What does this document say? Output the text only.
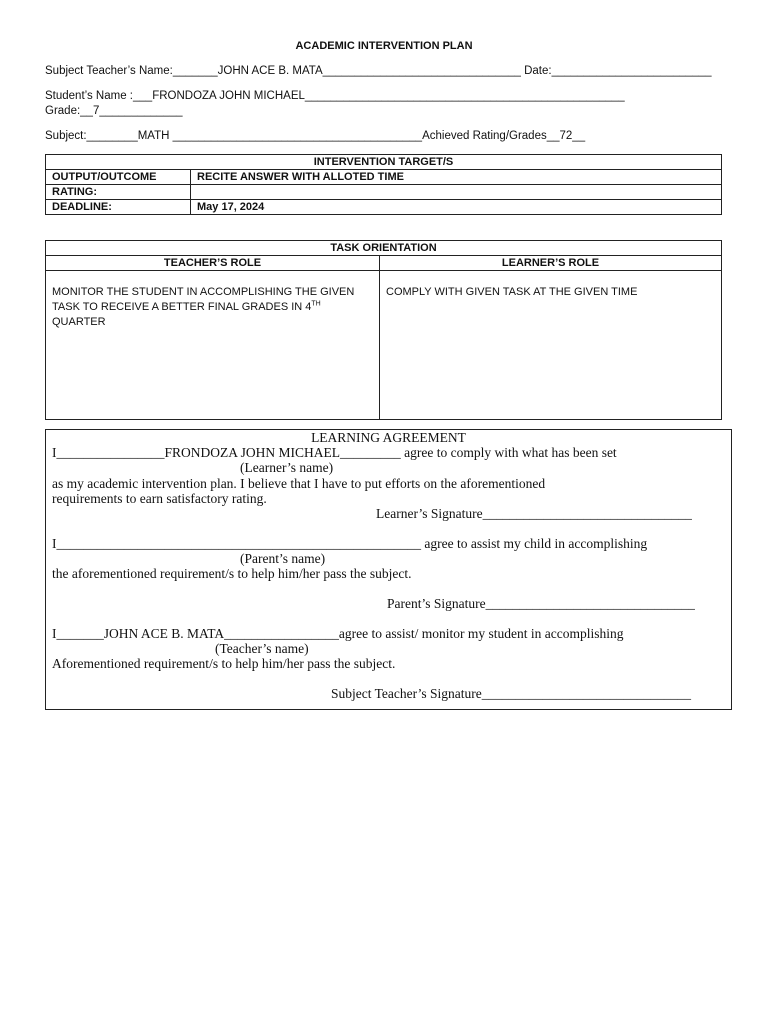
ACADEMIC INTERVENTION PLAN
Subject Teacher’s Name:_______JOHN ACE B. MATA_______________________________ Date:_________________________
Student’s Name :___FRONDOZA JOHN MICHAEL__________________________________________________
Grade:__7_____________
Subject:________MATH _______________________________________Achieved Rating/Grades__72__
INTERVENTION TARGET/S	
OUTPUT/OUTCOME	RECITE ANSWER WITH ALLOTED TIME
RATING:	
DEADLINE:	May 17, 2024
TASK ORIENTATION	
TEACHER’S ROLE	LEARNER’S ROLE
MONITOR THE STUDENT IN ACCOMPLISHING THE GIVEN TASK TO RECEIVE A BETTER FINAL GRADES IN 4TH
QUARTER	COMPLY WITH GIVEN TASK AT THE GIVEN TIME
LEARNING AGREEMENT
I________________FRONDOZA JOHN MICHAEL_________ agree to comply with what has been set
(Learner’s name)
as my academic intervention plan. I believe that I have to put efforts on the aforementioned
requirements to earn satisfactory rating.
Learner’s Signature_______________________________
I______________________________________________________ agree to assist my child in accomplishing
(Parent’s name)
the aforementioned requirement/s to help him/her pass the subject.
Parent’s Signature_______________________________
I_______JOHN ACE B. MATA_________________agree to assist/ monitor my student in accomplishing
(Teacher’s name)
Aforementioned requirement/s to help him/her pass the subject.
Subject Teacher’s Signature_______________________________
